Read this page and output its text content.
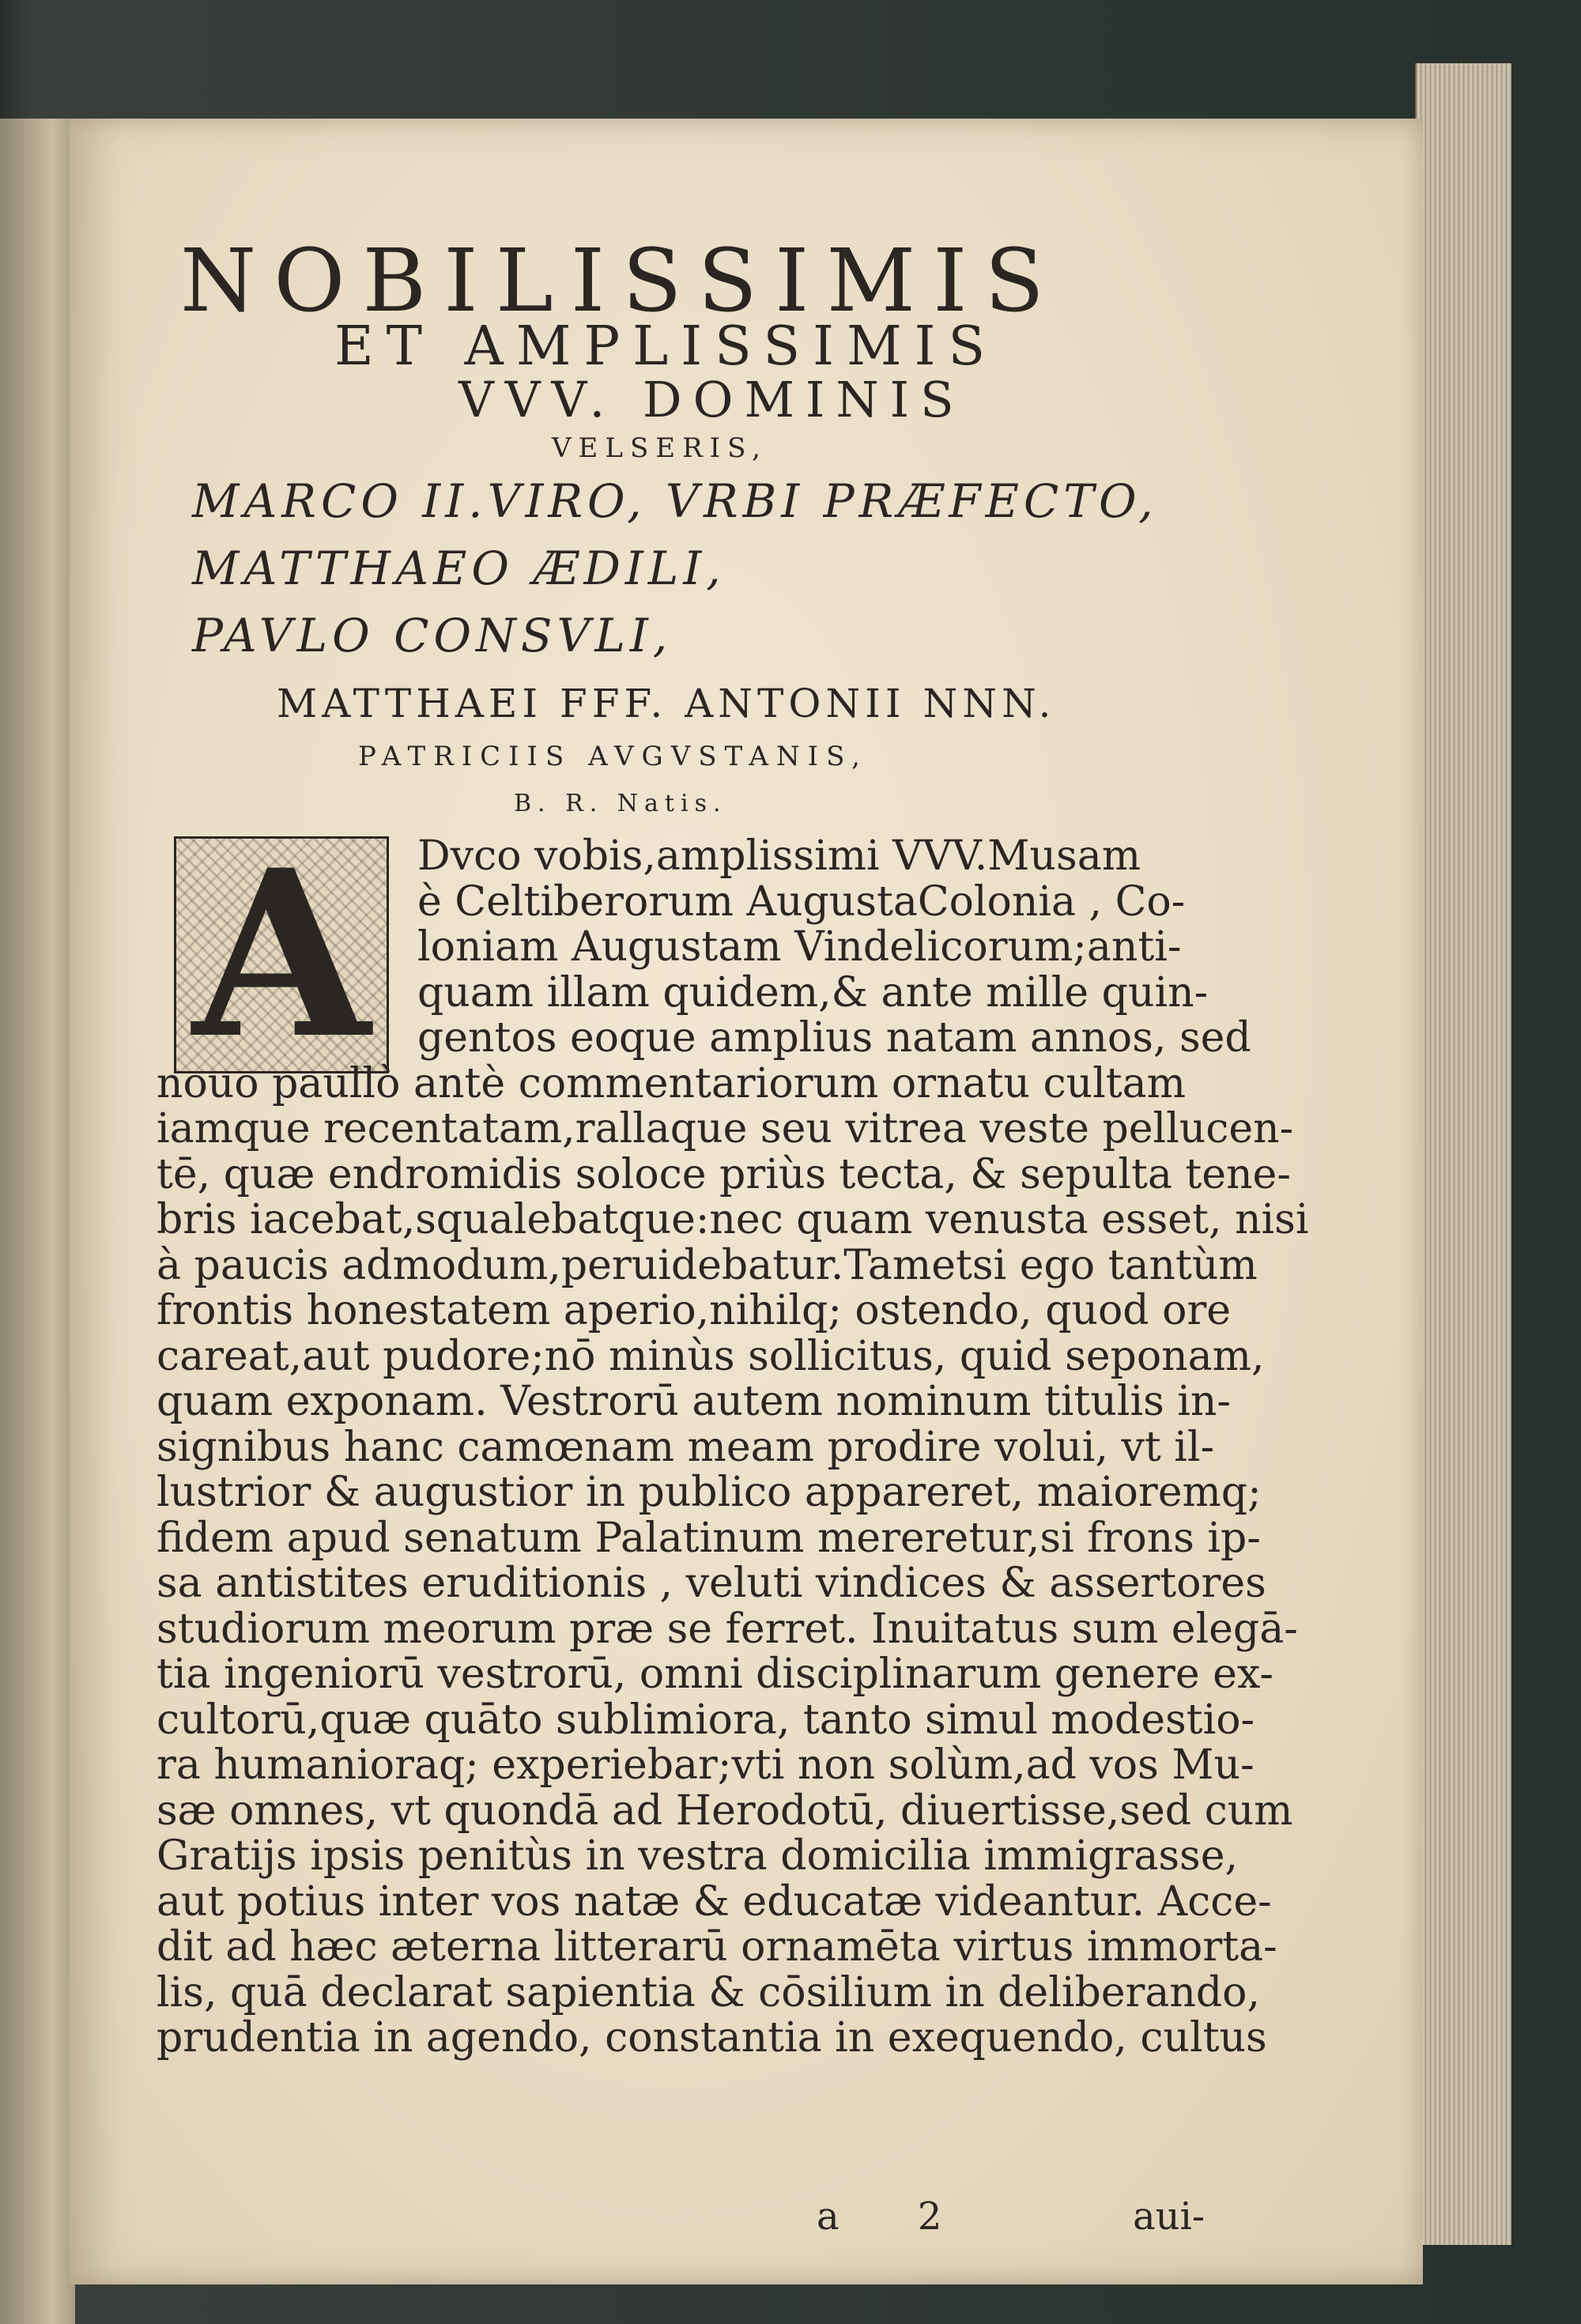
NOBILISSIMIS
ET AMPLISSIMIS
VVV. DOMINIS
VELSERIS,
MARCO II.VIRO, VRBI PRÆFECTO,
MATTHAEO ÆDILI,
PAVLO CONSVLI,
MATTHAEI FFF. ANTONII NNN.
PATRICIIS AVGVSTANIS,
B. R. Natis.
A	Dvco vobis,amplissimi VVV.Musam
è Celtiberorum AugustaColonia , Co-
loniam Augustam Vindelicorum;anti-
quam illam quidem,& ante mille quin-
gentos eoque amplius natam annos, sed
nouo paullò antè commentariorum ornatu cultam
iamque recentatam,rallaque seu vitrea veste pellucen-
tē, quæ endromidis soloce priùs tecta, & sepulta tene-
bris iacebat,squalebatque:nec quam venusta esset, nisi
à paucis admodum,peruidebatur.Tametsi ego tantùm
frontis honestatem aperio,nihilq; ostendo, quod ore
careat,aut pudore;nō minùs sollicitus, quid seponam,
quam exponam. Vestrorū autem nominum titulis in-
signibus hanc camœnam meam prodire volui, vt il-
lustrior & augustior in publico appareret, maioremq;
fidem apud senatum Palatinum mereretur,si frons ip-
sa antistites eruditionis , veluti vindices & assertores
studiorum meorum præ se ferret. Inuitatus sum elegā-
tia ingeniorū vestrorū, omni disciplinarum genere ex-
cultorū,quæ quāto sublimiora, tanto simul modestio-
ra humanioraq; experiebar;vti non solùm,ad vos Mu-
sæ omnes, vt quondā ad Herodotū, diuertisse,sed cum
Gratijs ipsis penitùs in vestra domicilia immigrasse,
aut potius inter vos natæ & educatæ videantur. Acce-
dit ad hæc æterna litterarū ornamēta virtus immorta-
lis, quā declarat sapientia & cōsilium in deliberando,
prudentia in agendo, constantia in exequendo, cultus
a 2	aui-
